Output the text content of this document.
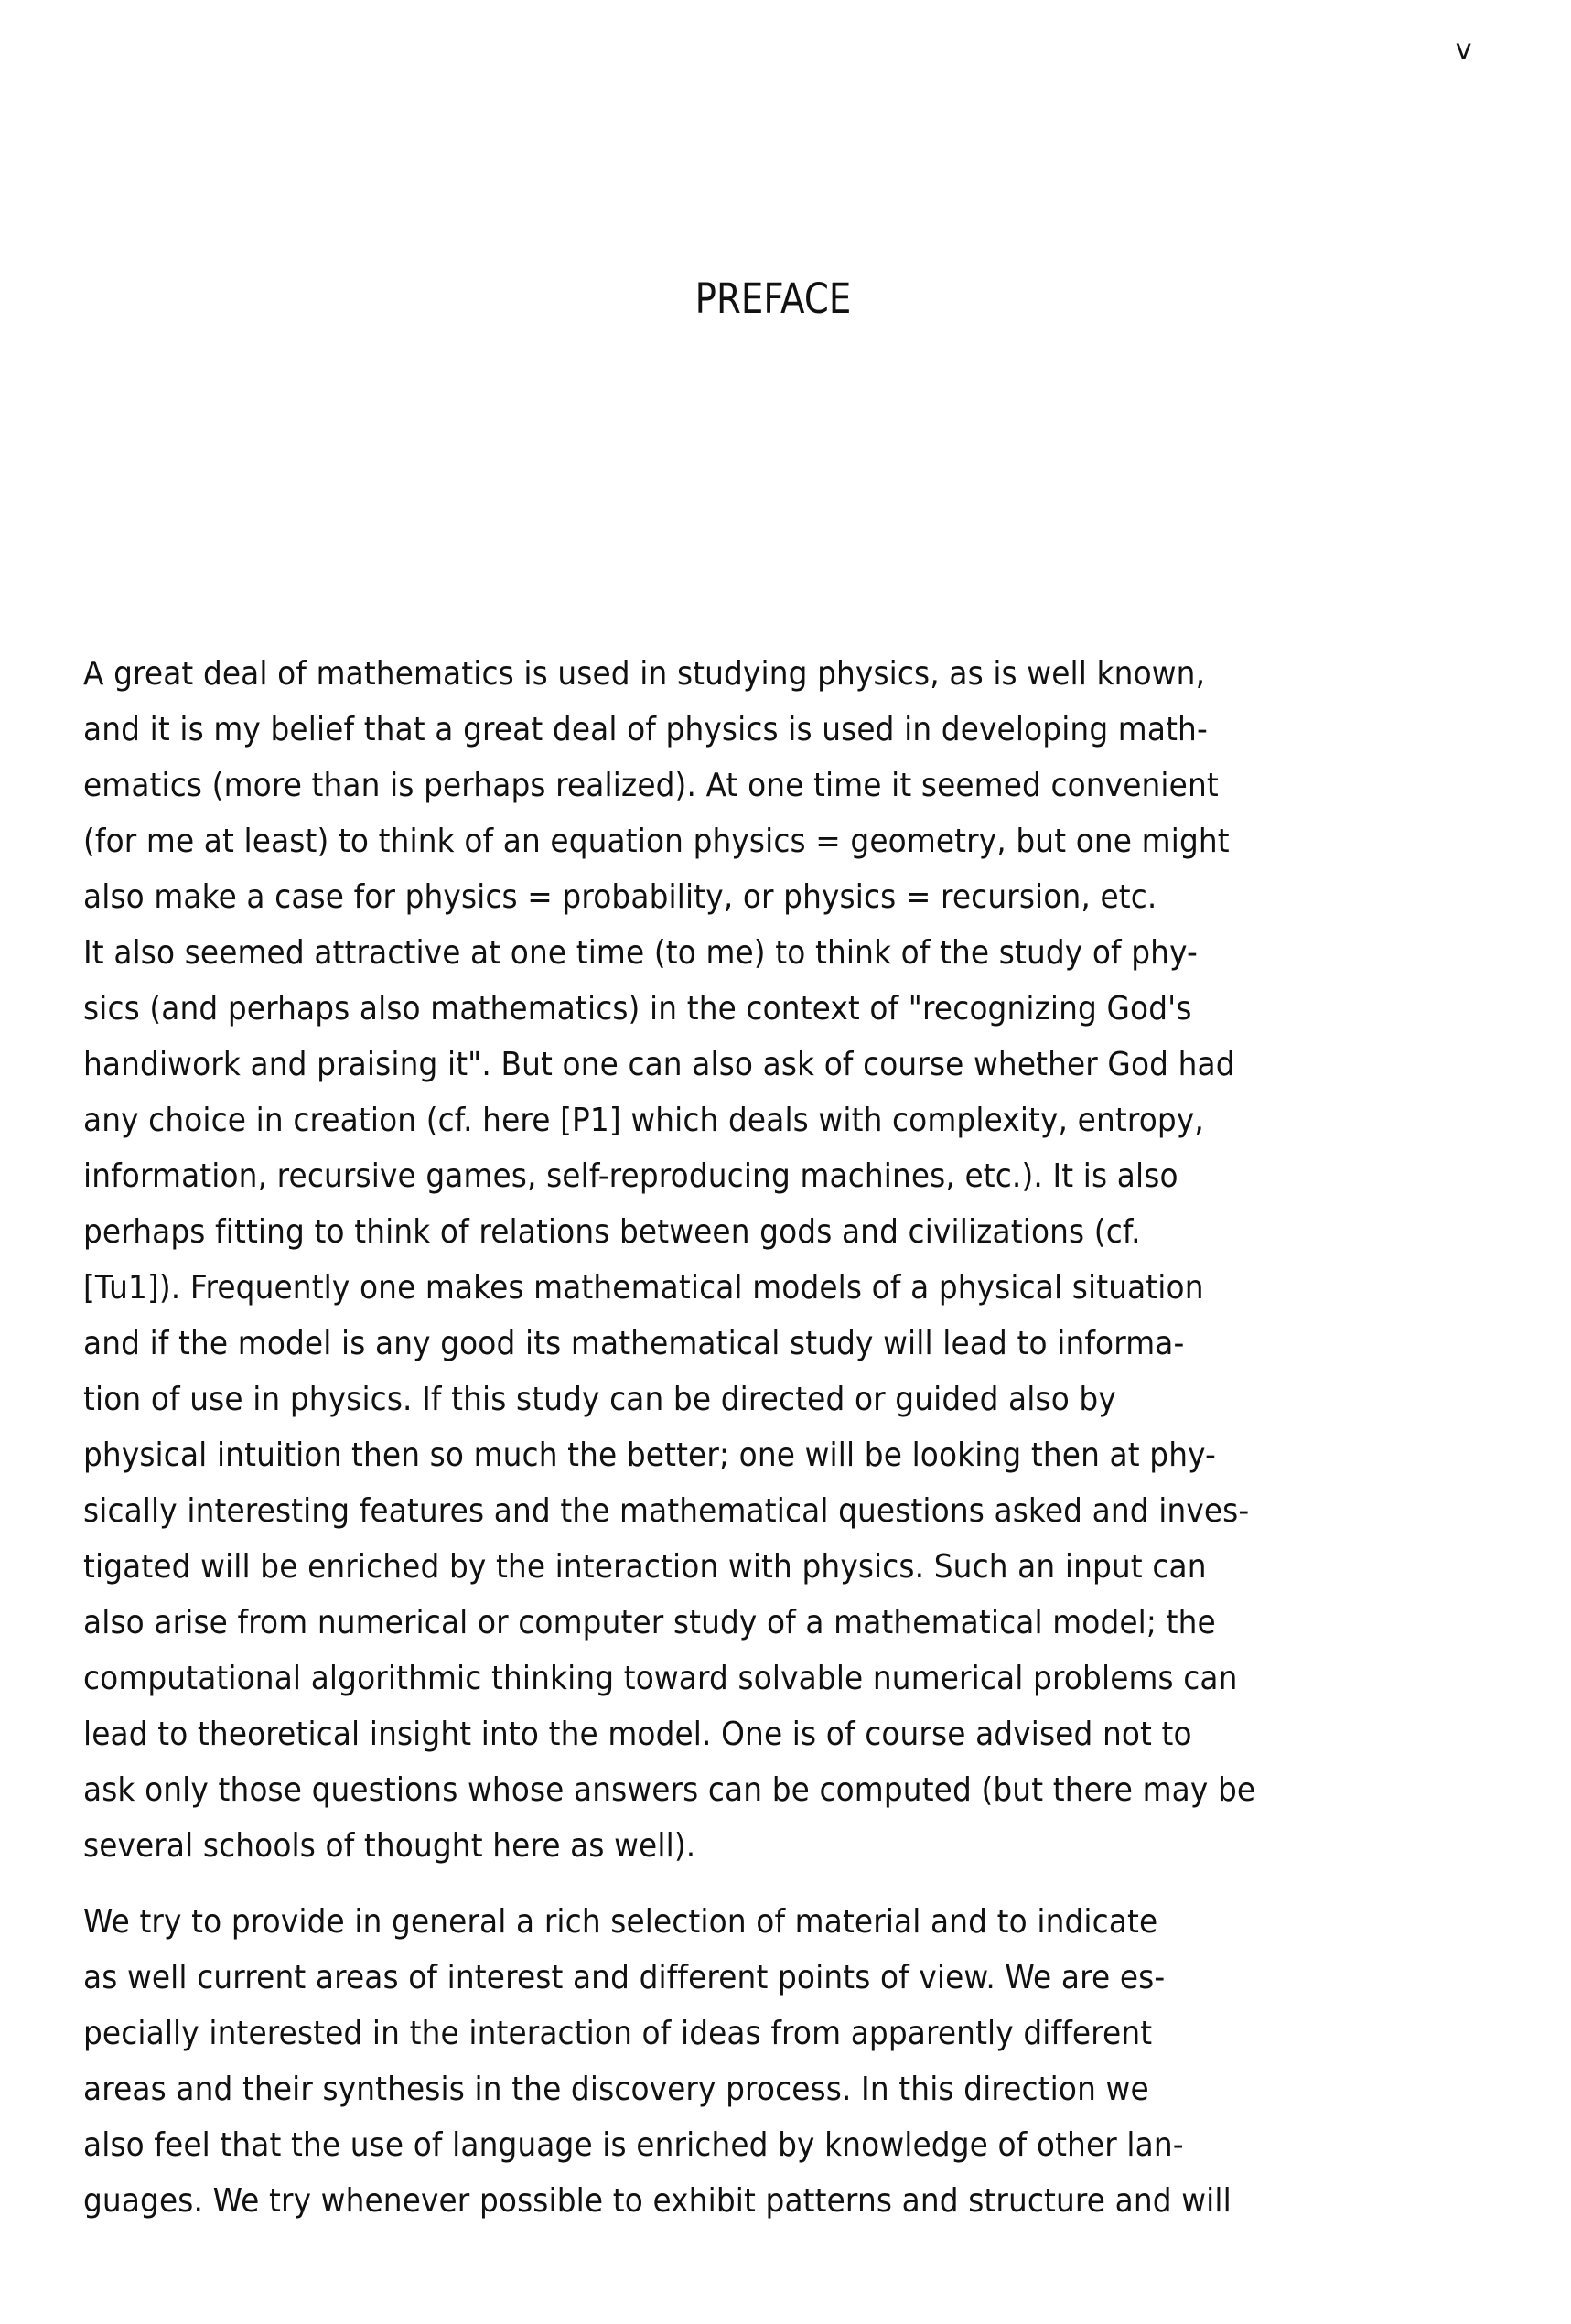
v
PREFACE

A great deal of mathematics is used in studying physics, as is well known,
and it is my belief that a great deal of physics is used in developing math-
ematics (more than is perhaps realized). At one time it seemed convenient
(for me at least) to think of an equation physics = geometry, but one might
also make a case for physics = probability, or physics = recursion, etc.
It also seemed attractive at one time (to me) to think of the study of phy-
sics (and perhaps also mathematics) in the context of "recognizing God's
handiwork and praising it". But one can also ask of course whether God had
any choice in creation (cf. here [P1] which deals with complexity, entropy,
information, recursive games, self-reproducing machines, etc.). It is also
perhaps fitting to think of relations between gods and civilizations (cf.
[Tu1]). Frequently one makes mathematical models of a physical situation
and if the model is any good its mathematical study will lead to informa-
tion of use in physics. If this study can be directed or guided also by
physical intuition then so much the better; one will be looking then at phy-
sically interesting features and the mathematical questions asked and inves-
tigated will be enriched by the interaction with physics. Such an input can
also arise from numerical or computer study of a mathematical model; the
computational algorithmic thinking toward solvable numerical problems can
lead to theoretical insight into the model. One is of course advised not to
ask only those questions whose answers can be computed (but there may be
several schools of thought here as well).

We try to provide in general a rich selection of material and to indicate
as well current areas of interest and different points of view. We are es-
pecially interested in the interaction of ideas from apparently different
areas and their synthesis in the discovery process. In this direction we
also feel that the use of language is enriched by knowledge of other lan-
guages. We try whenever possible to exhibit patterns and structure and will
